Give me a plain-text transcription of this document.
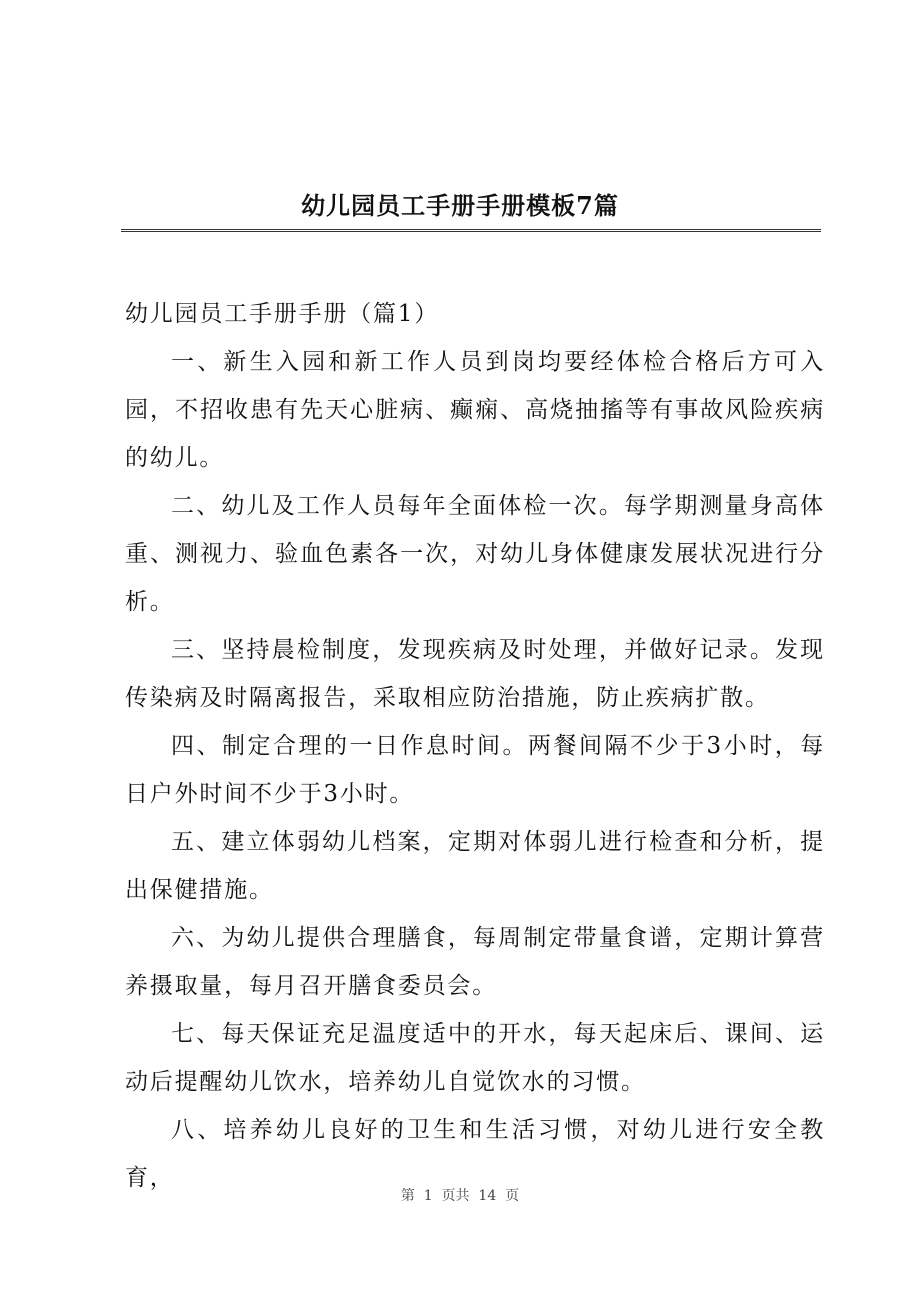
幼儿园员工手册手册模板7篇

幼儿园员工手册手册（篇1）

一、新生入园和新工作人员到岗均要经体检合格后方可入园，不招收患有先天心脏病、癫痫、高烧抽搐等有事故风险疾病的幼儿。

二、幼儿及工作人员每年全面体检一次。每学期测量身高体重、测视力、验血色素各一次，对幼儿身体健康发展状况进行分析。

三、坚持晨检制度，发现疾病及时处理，并做好记录。发现传染病及时隔离报告，采取相应防治措施，防止疾病扩散。

四、制定合理的一日作息时间。两餐间隔不少于3小时，每日户外时间不少于3小时。

五、建立体弱幼儿档案，定期对体弱儿进行检查和分析，提出保健措施。

六、为幼儿提供合理膳食，每周制定带量食谱，定期计算营养摄取量，每月召开膳食委员会。

七、每天保证充足温度适中的开水，每天起床后、课间、运动后提醒幼儿饮水，培养幼儿自觉饮水的习惯。

八、培养幼儿良好的卫生和生活习惯，对幼儿进行安全教育，

第  1  页共  14  页
